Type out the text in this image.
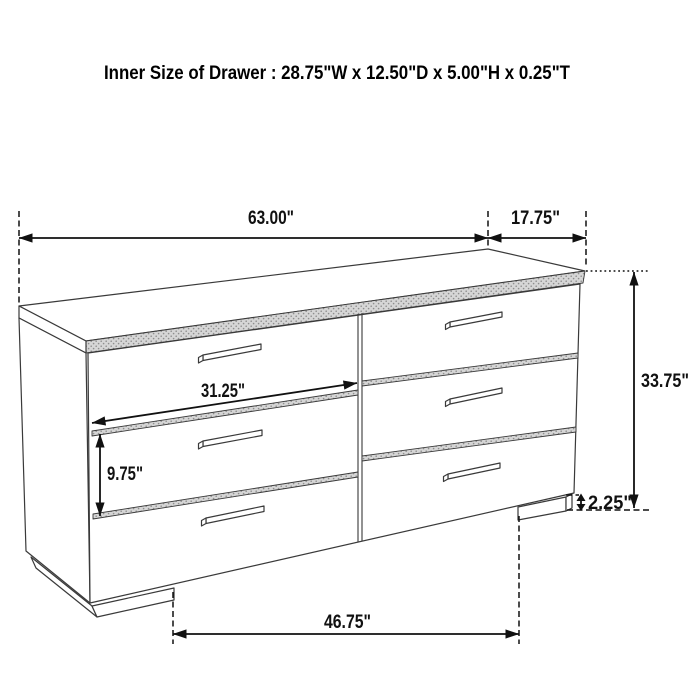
Inner Size of Drawer : 28.75"W x 12.50"D x 5.00"H x 0.25"T
63.00"	17.75"
33.75"
2.25"
46.75"
31.25"
9.75"
